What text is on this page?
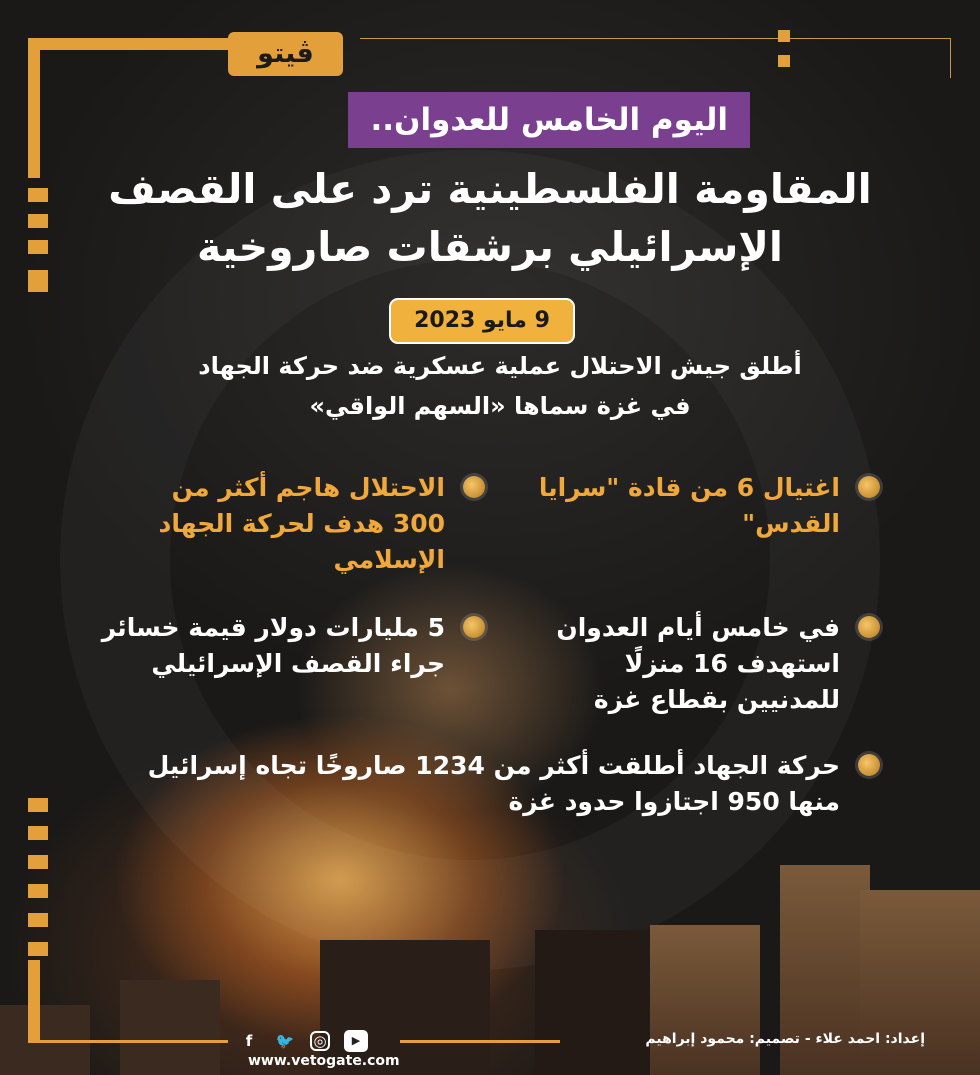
ڤيتو
اليوم الخامس للعدوان..
المقاومة الفلسطينية ترد على القصف
الإسرائيلي برشقات صاروخية
9 مايو 2023
أطلق جيش الاحتلال عملية عسكرية ضد حركة الجهاد
في غزة سماها «السهم الواقي»
اغتيال 6 من قادة "سرايا
القدس"
الاحتلال هاجم أكثر من
300 هدف لحركة الجهاد
الإسلامي
في خامس أيام العدوان
استهدف 16 منزلًا
للمدنيين بقطاع غزة
5 مليارات دولار قيمة خسائر
جراء القصف الإسرائيلي
حركة الجهاد أطلقت أكثر من 1234 صاروخًا تجاه إسرائيل
منها 950 اجتازوا حدود غزة
إعداد: احمد علاء - تصميم: محمود إبراهيم
f	🐦 ◎	▶
www.vetogate.com
